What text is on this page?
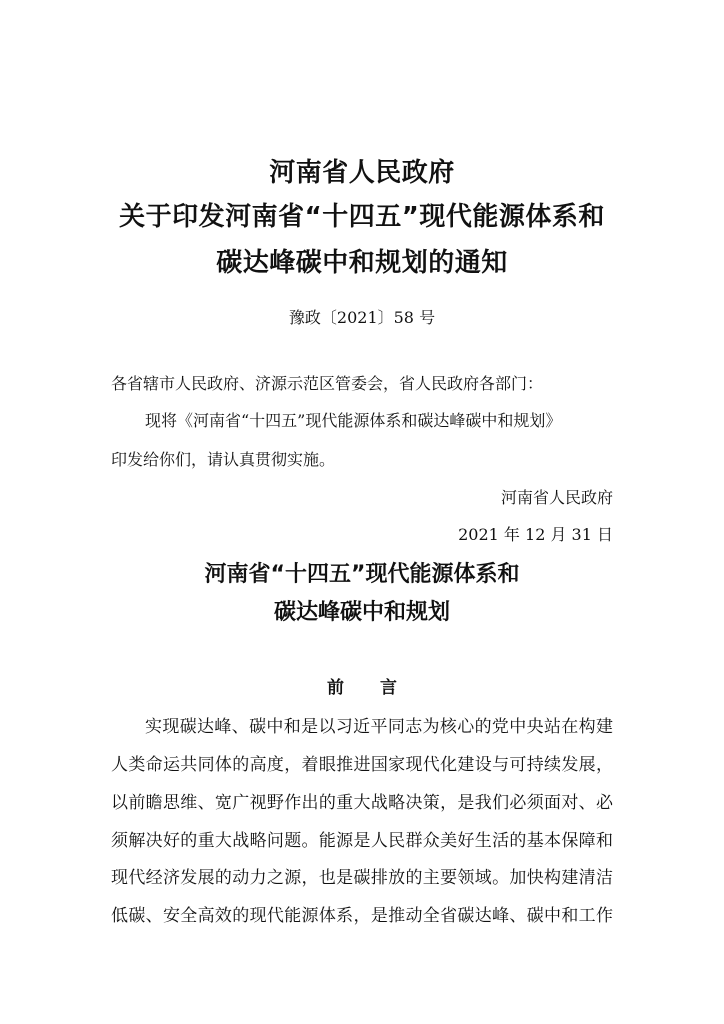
河南省人民政府
关于印发河南省“十四五”现代能源体系和
碳达峰碳中和规划的通知
豫政〔2021〕58 号
各省辖市人民政府、济源示范区管委会，省人民政府各部门：
现将《河南省“十四五”现代能源体系和碳达峰碳中和规划》
印发给你们，请认真贯彻实施。
河南省人民政府
2021 年 12 月 31 日
河南省“十四五”现代能源体系和
碳达峰碳中和规划
前言
实现碳达峰、碳中和是以习近平同志为核心的党中央站在构建
人类命运共同体的高度，着眼推进国家现代化建设与可持续发展，
以前瞻思维、宽广视野作出的重大战略决策，是我们必须面对、必
须解决好的重大战略问题。能源是人民群众美好生活的基本保障和
现代经济发展的动力之源，也是碳排放的主要领域。加快构建清洁
低碳、安全高效的现代能源体系，是推动全省碳达峰、碳中和工作
